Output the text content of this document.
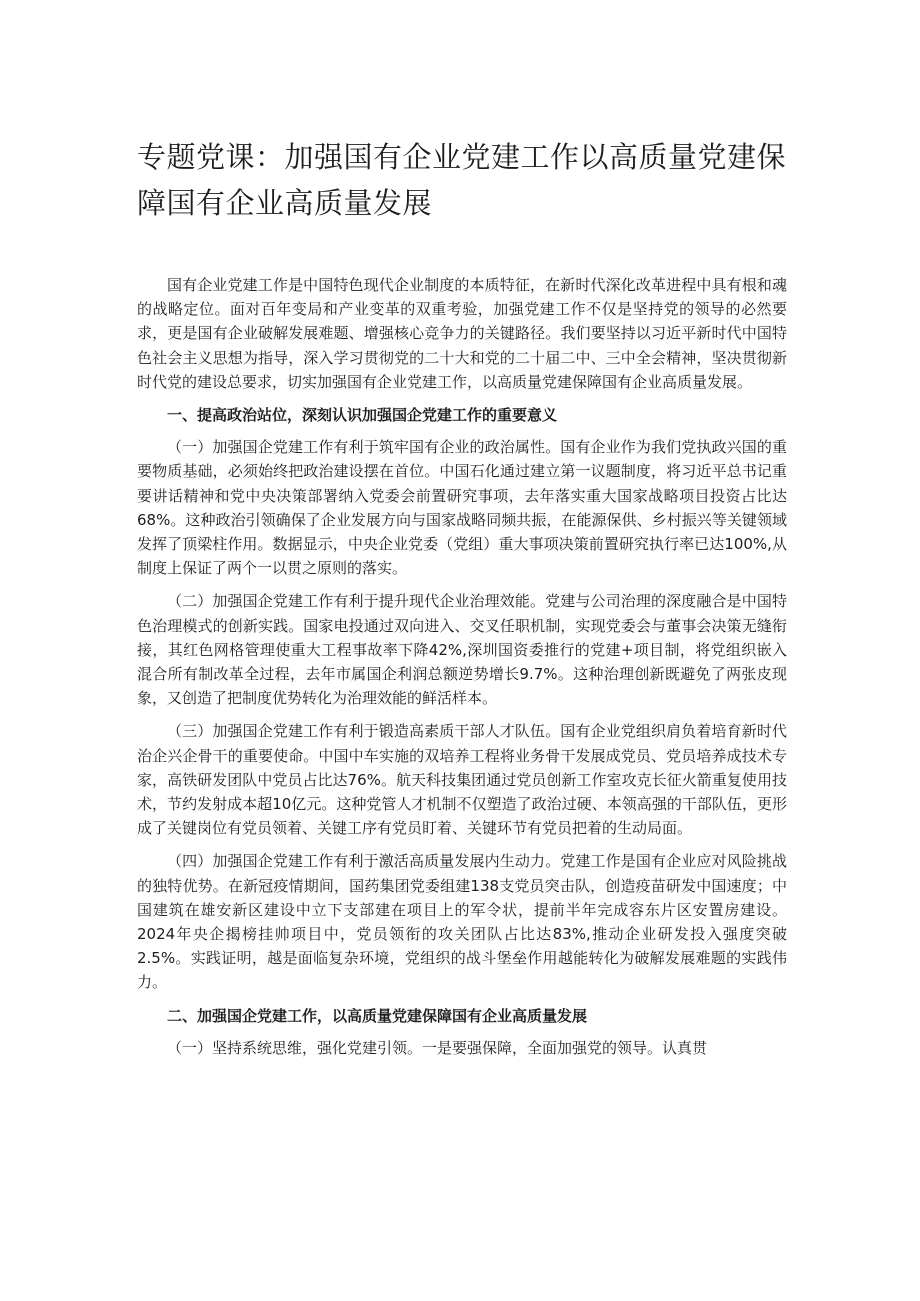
专题党课：加强国有企业党建工作以高质量党建保障国有企业高质量发展

国有企业党建工作是中国特色现代企业制度的本质特征，在新时代深化改革进程中具有根和魂的战略定位。面对百年变局和产业变革的双重考验，加强党建工作不仅是坚持党的领导的必然要求，更是国有企业破解发展难题、增强核心竞争力的关键路径。我们要坚持以习近平新时代中国特色社会主义思想为指导，深入学习贯彻党的二十大和党的二十届二中、三中全会精神，坚决贯彻新时代党的建设总要求，切实加强国有企业党建工作，以高质量党建保障国有企业高质量发展。

一、提高政治站位，深刻认识加强国企党建工作的重要意义

（一）加强国企党建工作有利于筑牢国有企业的政治属性。国有企业作为我们党执政兴国的重要物质基础，必须始终把政治建设摆在首位。中国石化通过建立第一议题制度，将习近平总书记重要讲话精神和党中央决策部署纳入党委会前置研究事项，去年落实重大国家战略项目投资占比达68%。这种政治引领确保了企业发展方向与国家战略同频共振，在能源保供、乡村振兴等关键领域发挥了顶梁柱作用。数据显示，中央企业党委（党组）重大事项决策前置研究执行率已达100%,从制度上保证了两个一以贯之原则的落实。

（二）加强国企党建工作有利于提升现代企业治理效能。党建与公司治理的深度融合是中国特色治理模式的创新实践。国家电投通过双向进入、交叉任职机制，实现党委会与董事会决策无缝衔接，其红色网格管理使重大工程事故率下降42%,深圳国资委推行的党建+项目制，将党组织嵌入混合所有制改革全过程，去年市属国企利润总额逆势增长9.7%。这种治理创新既避免了两张皮现象，又创造了把制度优势转化为治理效能的鲜活样本。

（三）加强国企党建工作有利于锻造高素质干部人才队伍。国有企业党组织肩负着培育新时代治企兴企骨干的重要使命。中国中车实施的双培养工程将业务骨干发展成党员、党员培养成技术专家，高铁研发团队中党员占比达76%。航天科技集团通过党员创新工作室攻克长征火箭重复使用技术，节约发射成本超10亿元。这种党管人才机制不仅塑造了政治过硬、本领高强的干部队伍，更形成了关键岗位有党员领着、关键工序有党员盯着、关键环节有党员把着的生动局面。

（四）加强国企党建工作有利于激活高质量发展内生动力。党建工作是国有企业应对风险挑战的独特优势。在新冠疫情期间，国药集团党委组建138支党员突击队，创造疫苗研发中国速度；中国建筑在雄安新区建设中立下支部建在项目上的军令状，提前半年完成容东片区安置房建设。2024年央企揭榜挂帅项目中，党员领衔的攻关团队占比达83%,推动企业研发投入强度突破2.5%。实践证明，越是面临复杂环境，党组织的战斗堡垒作用越能转化为破解发展难题的实践伟力。

二、加强国企党建工作，以高质量党建保障国有企业高质量发展

（一）坚持系统思维，强化党建引领。一是要强保障，全面加强党的领导。认真贯
